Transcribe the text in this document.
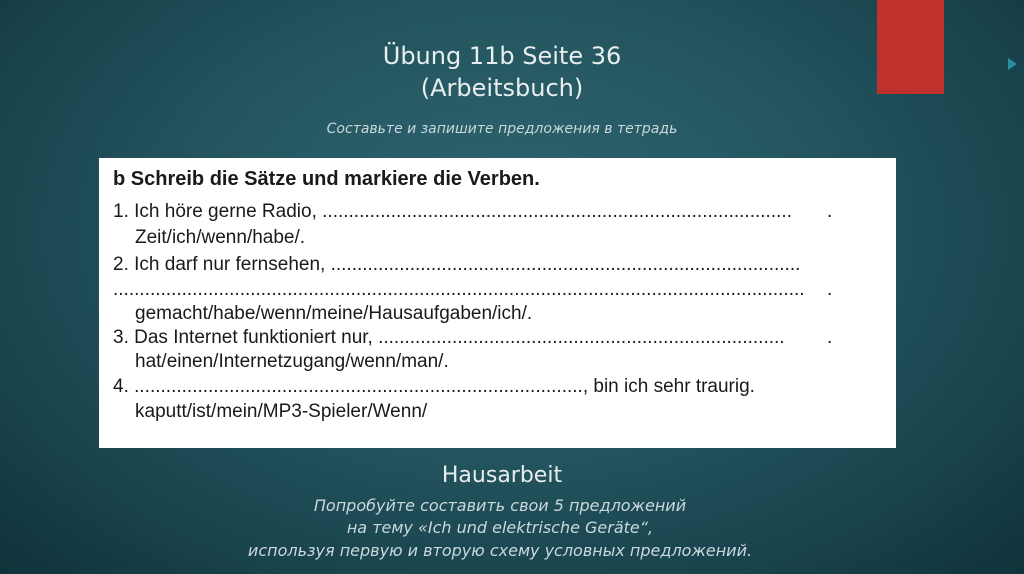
Übung 11b Seite 36
(Arbeitsbuch)
Составьте и запишите предложения в тетрадь
b Schreib die Sätze und markiere die Verben.
1. Ich höre gerne Radio, .........................................................................................
Zeit/ich/wenn/habe/.
2. Ich darf nur fernsehen, .........................................................................................
...................................................................................................................................
gemacht/habe/wenn/meine/Hausaufgaben/ich/.
3. Das Internet funktioniert nur, .............................................................................
hat/einen/Internetzugang/wenn/man/.
4. ....................................................................................., bin ich sehr traurig.
kaputt/ist/mein/MP3-Spieler/Wenn/
.
.
.
Hausarbeit
Попробуйте составить свои 5 предложений
на тему «Ich und elektrische Geräte“,
используя первую и вторую схему условных предложений.
